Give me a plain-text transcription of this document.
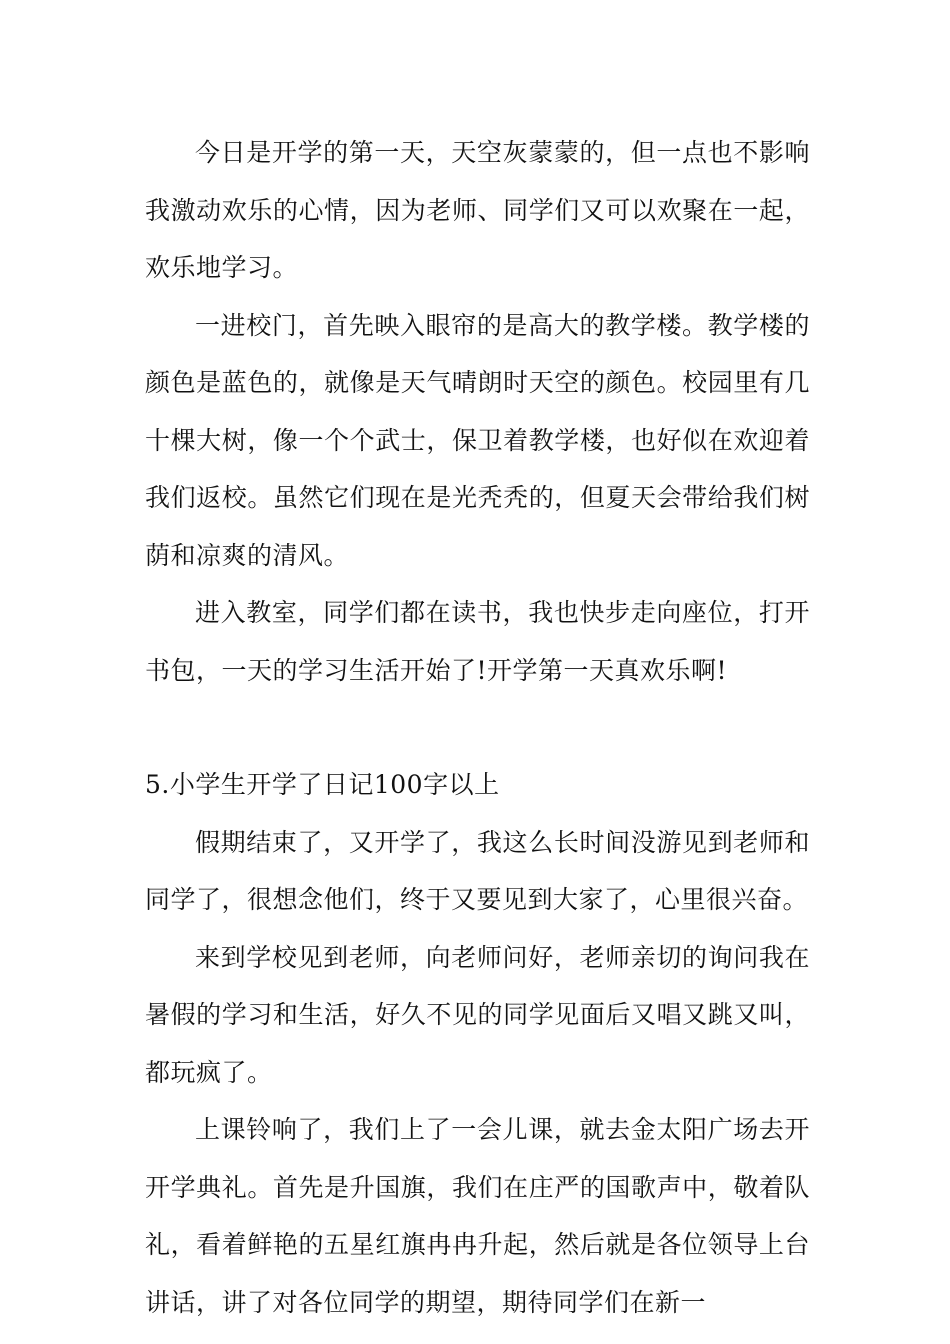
今日是开学的第一天，天空灰蒙蒙的，但一点也不影响我激动欢乐的心情，因为老师、同学们又可以欢聚在一起，欢乐地学习。

一进校门，首先映入眼帘的是高大的教学楼。教学楼的颜色是蓝色的，就像是天气晴朗时天空的颜色。校园里有几十棵大树，像一个个武士，保卫着教学楼，也好似在欢迎着我们返校。虽然它们现在是光秃秃的，但夏天会带给我们树荫和凉爽的清风。

进入教室，同学们都在读书，我也快步走向座位，打开书包，一天的学习生活开始了!开学第一天真欢乐啊!

5.小学生开学了日记100字以上

假期结束了，又开学了，我这么长时间没游见到老师和同学了，很想念他们，终于又要见到大家了，心里很兴奋。

来到学校见到老师，向老师问好，老师亲切的询问我在暑假的学习和生活，好久不见的同学见面后又唱又跳又叫，都玩疯了。

上课铃响了，我们上了一会儿课，就去金太阳广场去开开学典礼。首先是升国旗，我们在庄严的国歌声中，敬着队礼，看着鲜艳的五星红旗冉冉升起，然后就是各位领导上台讲话，讲了对各位同学的期望，期待同学们在新一
